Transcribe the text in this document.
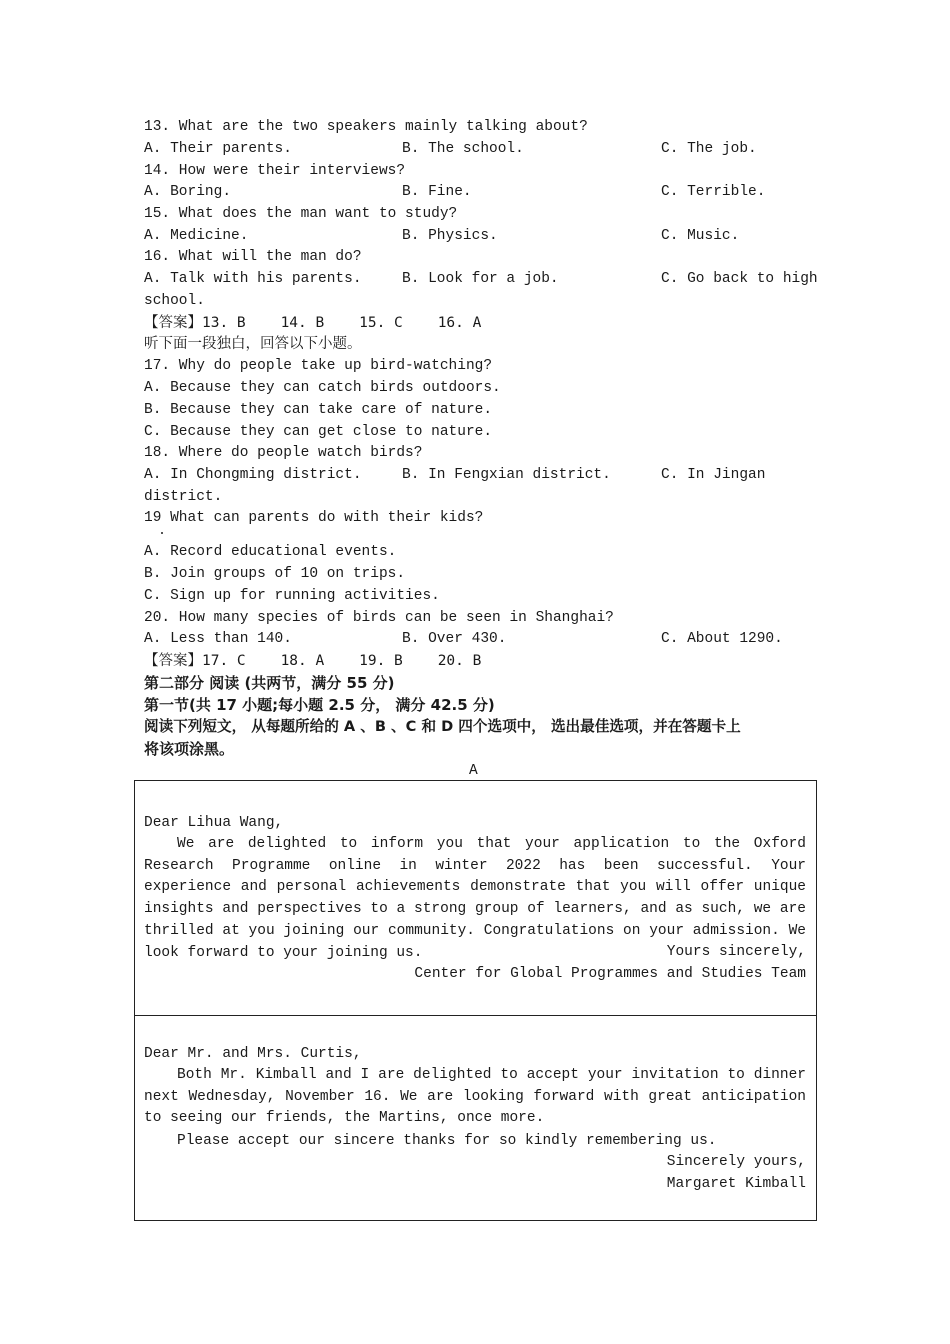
13. What are the two speakers mainly talking about?
A. Their parents.	B. The school.	C. The job.
14. How were their interviews?
A. Boring.	B. Fine.	C. Terrible.
15. What does the man want to study?
A. Medicine.	B. Physics.	C. Music.
16. What will the man do?
A. Talk with his parents.	B. Look for a job.	C. Go back to high
school.
【答案】13. B    14. B    15. C    16. A
听下面一段独白，回答以下小题。
17. Why do people take up bird-watching?
A. Because they can catch birds outdoors.
B. Because they can take care of nature.
C. Because they can get close to nature.
18. Where do people watch birds?
A. In Chongming district.	B. In Fengxian district.	C. In Jingan
district.
19 What can parents do with their kids?
A. Record educational events.
B. Join groups of 10 on trips.
C. Sign up for running activities.
20. How many species of birds can be seen in Shanghai?
A. Less than 140.	B. Over 430.	C. About 1290.
【答案】17. C    18. A    19. B    20. B
第二部分 阅读 (共两节，满分 55 分)
第一节(共 17 小题;每小题 2.5 分， 满分 42.5 分)
阅读下列短文， 从每题所给的 A 、B 、C 和 D 四个选项中， 选出最佳选项，并在答题卡上
将该项涂黑。
A
Dear Lihua Wang,
We are delighted to inform you that your application to the Oxford Research Programme online in winter 2022 has been successful. Your experience and personal achievements demonstrate that you will offer unique insights and perspectives to a strong group of learners, and as such, we are thrilled at you joining our community. Congratulations on your admission. We look forward to your joining us.	Yours sincerely,
Center for Global Programmes and Studies Team
Dear Mr. and Mrs. Curtis,
Both Mr. Kimball and I are delighted to accept your invitation to dinner next Wednesday, November 16. We are looking forward with great anticipation to seeing our friends, the Martins, once more.
Please accept our sincere thanks for so kindly remembering us.
Sincerely yours,
Margaret Kimball
